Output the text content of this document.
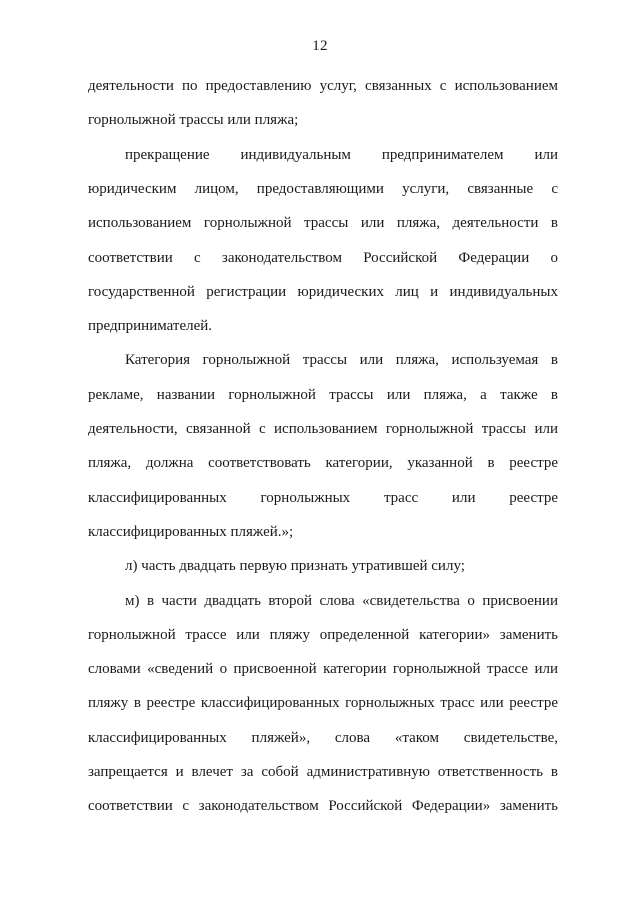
12
деятельности по предоставлению услуг, связанных с использованием
горнолыжной трассы или пляжа;
прекращение индивидуальным предпринимателем или
юридическим лицом, предоставляющими услуги, связанные с
использованием горнолыжной трассы или пляжа, деятельности в
соответствии с законодательством Российской Федерации о
государственной регистрации юридических лиц и индивидуальных
предпринимателей.
Категория горнолыжной трассы или пляжа, используемая в
рекламе, названии горнолыжной трассы или пляжа, а также в
деятельности, связанной с использованием горнолыжной трассы или
пляжа, должна соответствовать категории, указанной в реестре
классифицированных горнолыжных трасс или реестре
классифицированных пляжей.»;
л) часть двадцать первую признать утратившей силу;
м) в части двадцать второй слова «свидетельства о присвоении
горнолыжной трассе или пляжу определенной категории» заменить
словами «сведений о присвоенной категории горнолыжной трассе или
пляжу в реестре классифицированных горнолыжных трасс или реестре
классифицированных пляжей», слова «таком свидетельстве,
запрещается и влечет за собой административную ответственность в
соответствии с законодательством Российской Федерации» заменить
